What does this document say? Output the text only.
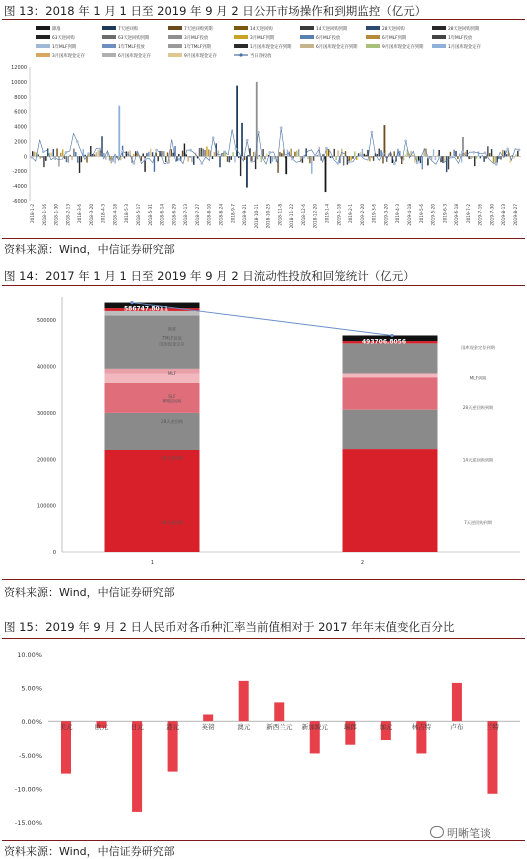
图 13：2018 年 1 月 1 日至 2019 年 9 月 2 日公开市场操作和到期监控（亿元）
降准	7天逆回购	7天逆回购到期	14天逆回购	14天逆回购到期	28天逆回购	28天逆回购到期
63天逆回购	63天逆回购到期	3月MLF投放	3月MLF到期	6月MLF投放	6月MLF到期	1年MLF投放
1年MLF到期	1年TMLF投放	1年TMLF到期	1月国库现金定存到期	6月国库现金定存到期	9月国库现金定存到期	1月国库现金定存
3月国库现金定存	6月国库现金定存	9月国库现金定存	当日净投放
-6000
-4000
-2000
0
2000
4000
6000
8000
10000
12000
2018-1-2 2018-1-16 2018-1-30 2018-2-13 2018-3-6 2018-3-20 2018-4-3 2018-4-18 2018-5-3 2018-5-17 2018-5-31 2018-6-14 2018-6-29 2018-7-13 2018-7-27 2018-8-10 2018-8-24 2018-9-7 2018-9-21 2018-10-11 2018-10-25 2018-11-8 2018-11-22 2018-12-6 2018-12-20 2019-1-4 2019-1-18 2019-2-1 2019-2-20 2019-3-6 2019-3-20 2019-4-3 2019-4-18 2019-5-6 2019-5-20 2019-6-3 2019-6-18 2019-7-2 2019-7-16 2019-7-30 2019-8-13 2019-8-27
资料来源：Wind，中信证券研究部
图 14：2017 年 1 月 1 日至 2019 年 9 月 2 日流动性投放和回笼统计（亿元）
0
100000
200000
300000
400000
500000
586747.8011
1
493706.8056
2
降准
TMLF投放
国库现金定存
MLF
SLF
6M逆回购
28天逆回购
14天逆回购
14天逆回购
国库现金定存到期
MLF到期
28天逆回购到期
14天逆回购到期
7天逆回购到期
资料来源：Wind，中信证券研究部
图 15：2019 年 9 月 2 日人民币对各币种汇率当前值相对于 2017 年年末值变化百分比
10.00%
5.00%
0.00%
-5.00%
-10.00%
-15.00%
美元	欧元	日元	港元	英镑	澳元 新西兰元 新加坡元 瑞郎	加元	林吉特	卢布	兰特
资料来源：Wind，中信证券研究部
明晰笔谈
